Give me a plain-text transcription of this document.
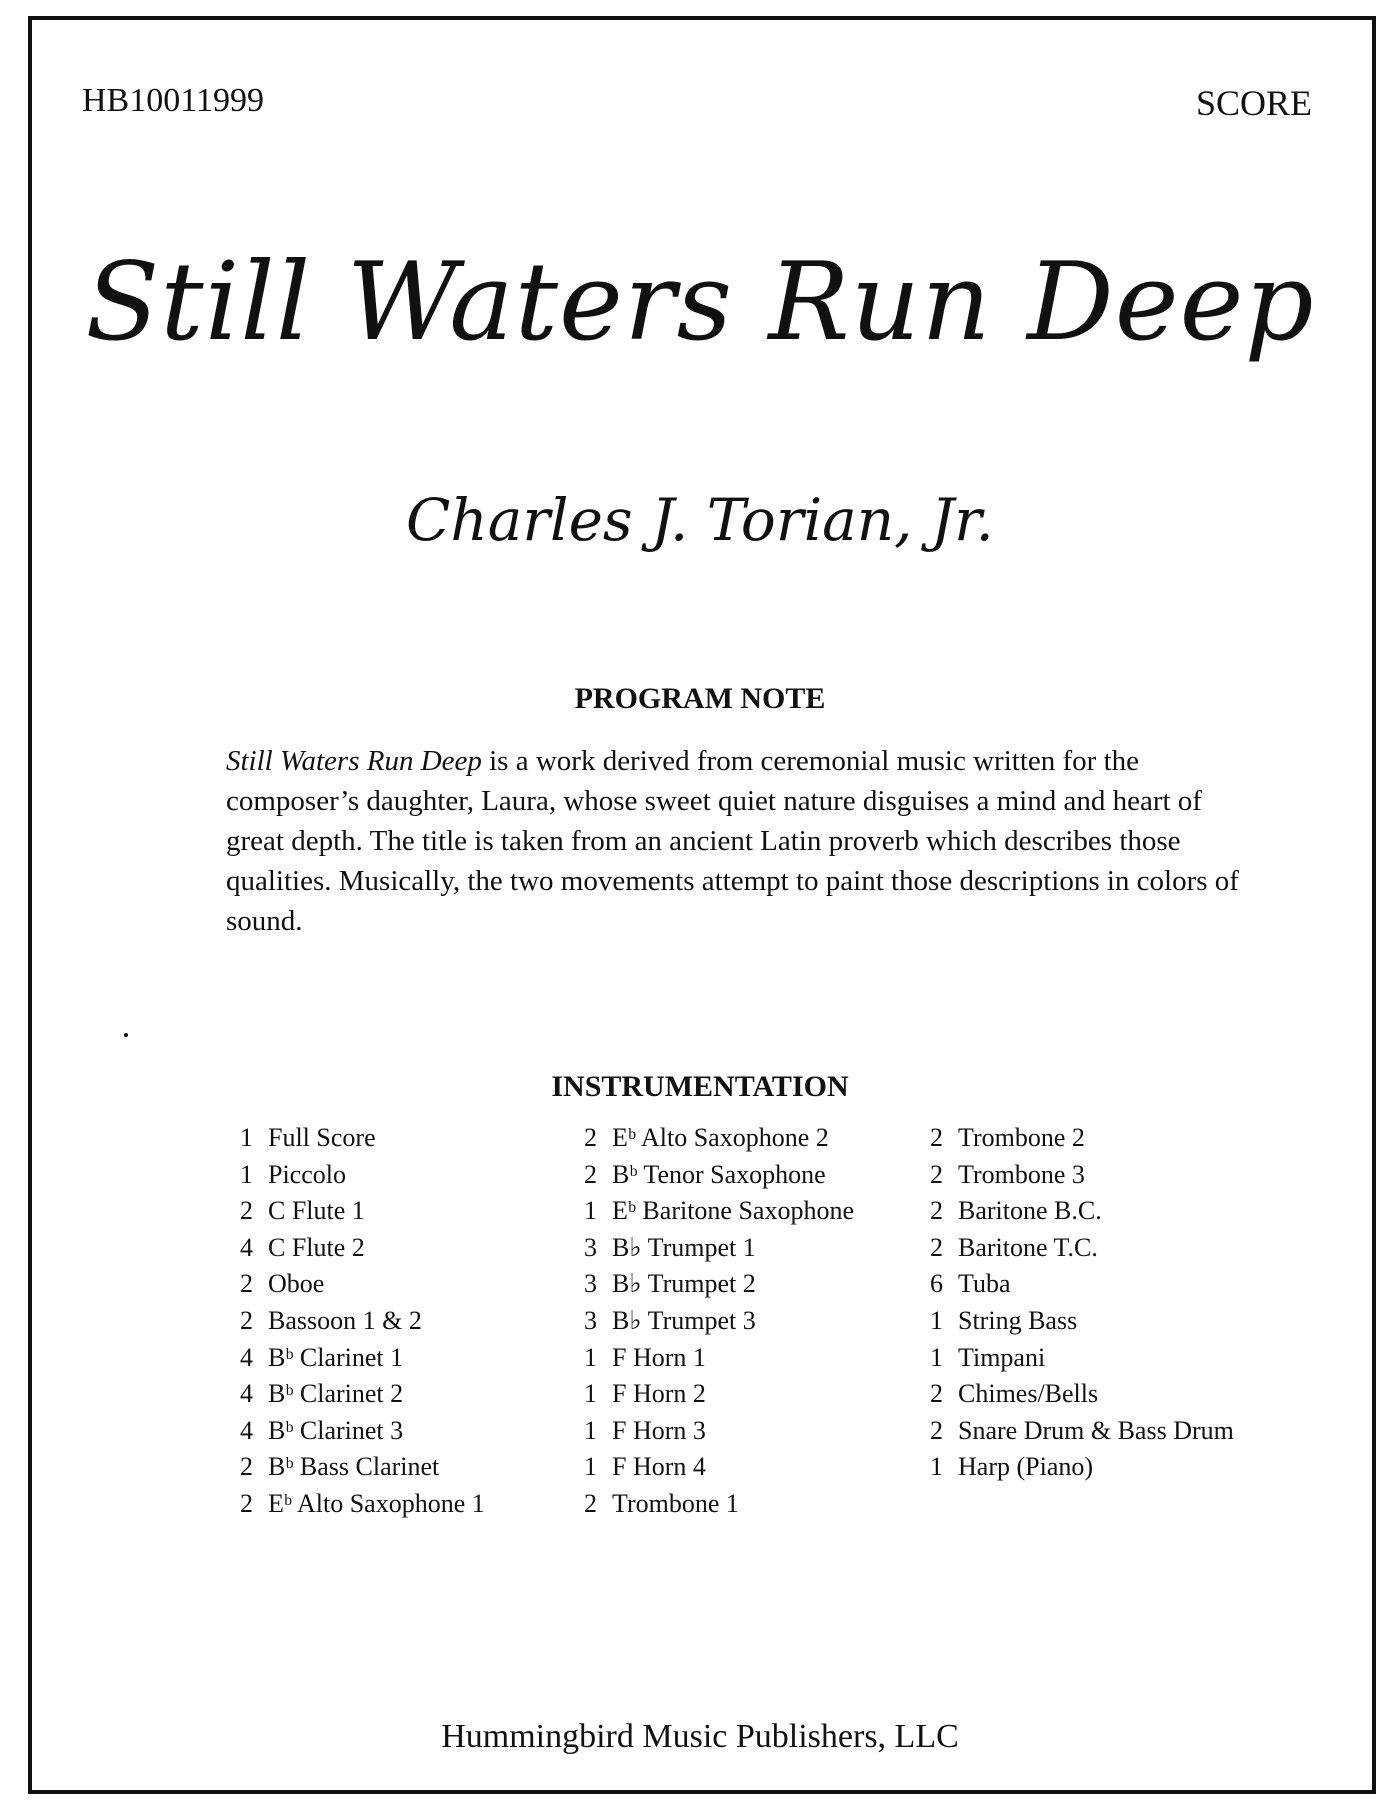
HB10011999	SCORE
Still Waters Run Deep
Charles J. Torian, Jr.
PROGRAM NOTE
Still Waters Run Deep is a work derived from ceremonial music written for the composer’s daughter, Laura, whose sweet quiet nature disguises a mind and heart of great depth. The title is taken from an ancient Latin proverb which describes those qualities. Musically, the two movements attempt to paint those descriptions in colors of sound.
INSTRUMENTATION
1 Full Score
1 Piccolo
2 C Flute 1
4 C Flute 2
2 Oboe
2 Bassoon 1 & 2
4 Bᵇ Clarinet 1
4 Bᵇ Clarinet 2
4 Bᵇ Clarinet 3
2 Bᵇ Bass Clarinet
2 Eᵇ Alto Saxophone 1
2 Eᵇ Alto Saxophone 2
2 Bᵇ Tenor Saxophone
1 Eᵇ Baritone Saxophone
3 B♭ Trumpet 1
3 B♭ Trumpet 2
3 B♭ Trumpet 3
1 F Horn 1
1 F Horn 2
1 F Horn 3
1 F Horn 4
2 Trombone 1
2 Trombone 2
2 Trombone 3
2 Baritone B.C.
2 Baritone T.C.
6 Tuba
1 String Bass
1 Timpani
2 Chimes/Bells
2 Snare Drum & Bass Drum
1 Harp (Piano)
Hummingbird Music Publishers, LLC
